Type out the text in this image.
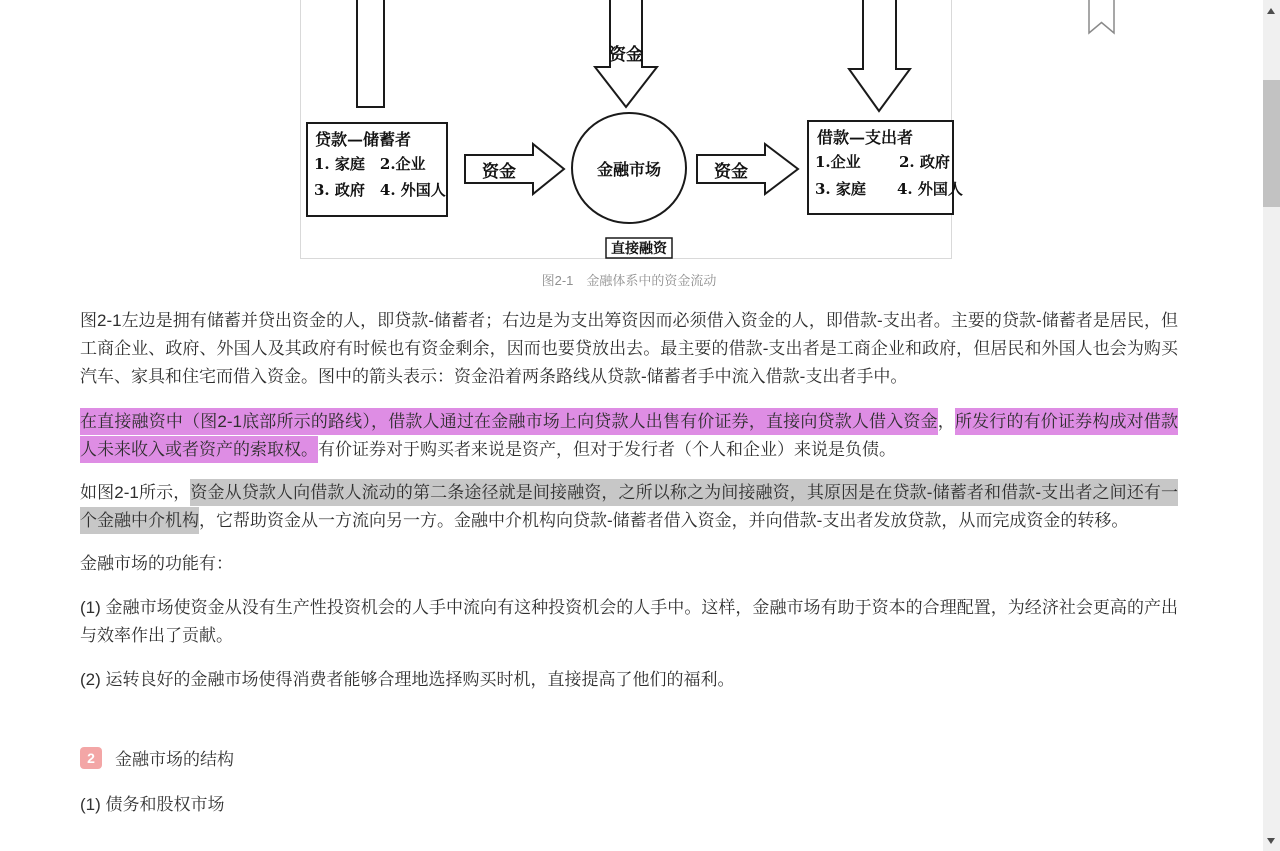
资金
贷款—储蓄者
1. 家庭　2.企业
3. 政府　4. 外国人
资金	金融市场	资金
借款—支出者
1.企业	2. 政府
3. 家庭 4. 外国人
直接融资
图2-1　金融体系中的资金流动

图2-1左边是拥有储蓄并贷出资金的人，即贷款-储蓄者；右边是为支出筹资因而必须借入资金的人，即借款-支出者。主要的贷款-储蓄者是居民，但工商企业、政府、外国人及其政府有时候也有资金剩余，因而也要贷放出去。最主要的借款-支出者是工商企业和政府，但居民和外国人也会为购买汽车、家具和住宅而借入资金。图中的箭头表示：资金沿着两条路线从贷款-储蓄者手中流入借款-支出者手中。

在直接融资中（图2-1底部所示的路线），借款人通过在金融市场上向贷款人出售有价证券，直接向贷款人借入资金，所发行的有价证券构成对借款人未来收入或者资产的索取权。有价证券对于购买者来说是资产，但对于发行者（个人和企业）来说是负债。

如图2-1所示，资金从贷款人向借款人流动的第二条途径就是间接融资，之所以称之为间接融资，其原因是在贷款-储蓄者和借款-支出者之间还有一个金融中介机构，它帮助资金从一方流向另一方。金融中介机构向贷款-储蓄者借入资金，并向借款-支出者发放贷款，从而完成资金的转移。

金融市场的功能有：

(1) 金融市场使资金从没有生产性投资机会的人手中流向有这种投资机会的人手中。这样，金融市场有助于资本的合理配置，为经济社会更高的产出与效率作出了贡献。

(2) 运转良好的金融市场使得消费者能够合理地选择购买时机，直接提高了他们的福利。

2	金融市场的结构
(1) 债务和股权市场
